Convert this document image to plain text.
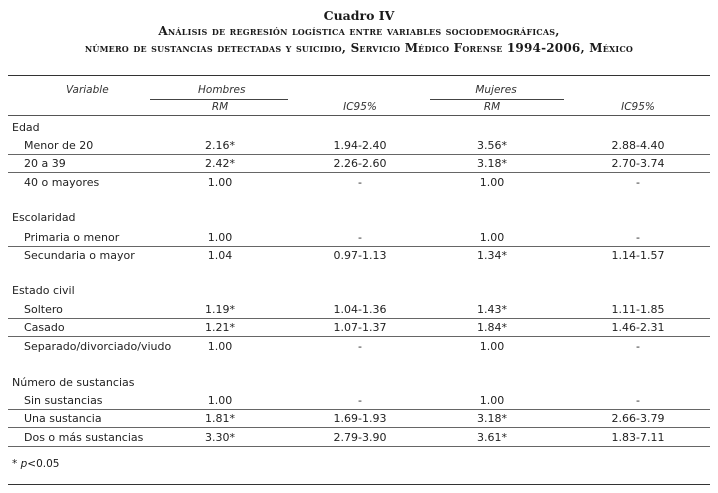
Cuadro IV
Análisis de regresión logística entre variables sociodemográficas,
número de sustancias detectadas y suicidio, Servicio Médico Forense 1994-2006, México
Variable	Hombres	Mujeres
RM	IC95%	RM	IC95%
Edad
Menor de 20	2.16*	1.94-2.40	3.56*	2.88-4.40
20 a 39	2.42*	2.26-2.60	3.18*	2.70-3.74
40 o mayores	1.00	-	1.00	-
Escolaridad
Primaria o menor	1.00	-	1.00	-
Secundaria o mayor	1.04	0.97-1.13	1.34*	1.14-1.57
Estado civil
Soltero	1.19*	1.04-1.36	1.43*	1.11-1.85
Casado	1.21*	1.07-1.37	1.84*	1.46-2.31
Separado/divorciado/viudo	1.00	-	1.00	-
Número de sustancias
Sin sustancias	1.00	-	1.00	-
Una sustancia	1.81*	1.69-1.93	3.18*	2.66-3.79
Dos o más sustancias	3.30*	2.79-3.90	3.61*	1.83-7.11
* p<0.05
